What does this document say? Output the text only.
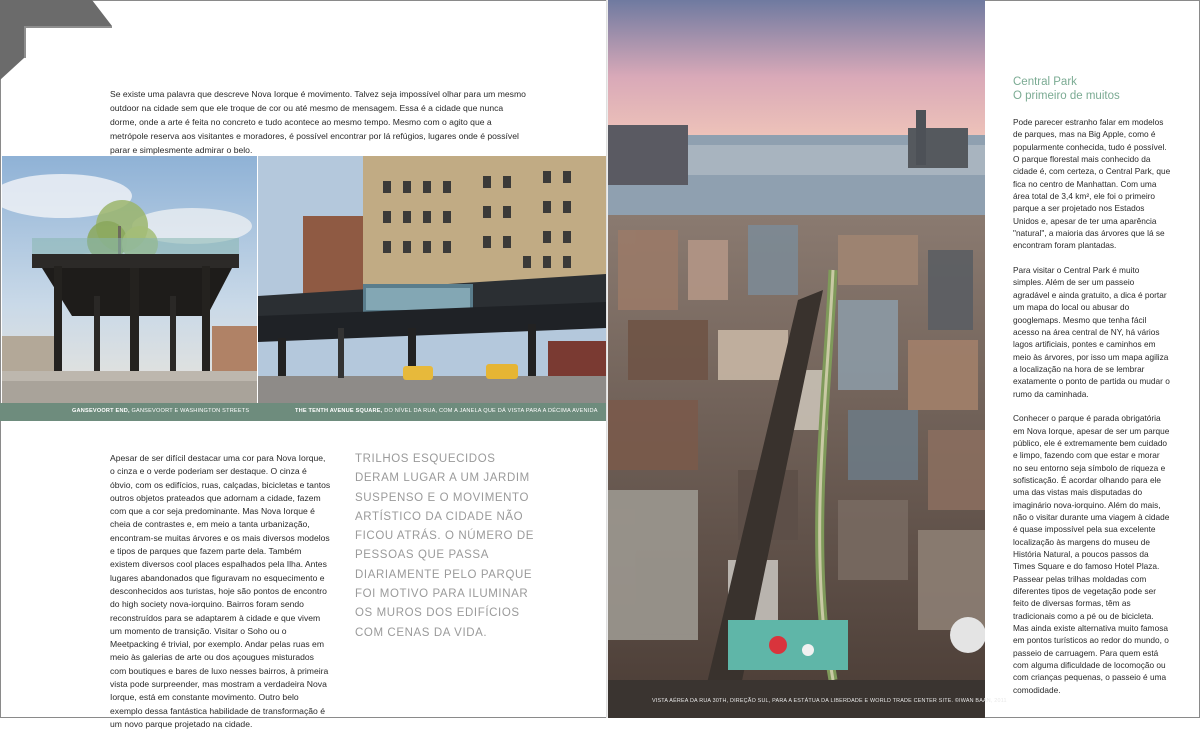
Se existe uma palavra que descreve Nova Iorque é movimento. Talvez seja impossível olhar para um mesmo outdoor na cidade sem que ele troque de cor ou até mesmo de mensagem. Essa é a cidade que nunca dorme, onde a arte é feita no concreto e tudo acontece ao mesmo tempo. Mesmo com o agito que a metrópole reserva aos visitantes e moradores, é possível encontrar por lá refúgios, lugares onde é possível parar e simplesmente admirar o belo.

GANSEVOORT END, GANSEVOORT E WASHINGTON STREETS	THE TENTH AVENUE SQUARE, DO NÍVEL DA RUA, COM A JANELA QUE DÁ VISTA PARA A DÉCIMA AVENIDA

Apesar de ser difícil destacar uma cor para Nova Iorque, o cinza e o verde poderiam ser destaque. O cinza é óbvio, com os edifícios, ruas, calçadas, bicicletas e tantos outros objetos prateados que adornam a cidade, fazem com que a cor seja predominante. Mas Nova Iorque é cheia de contrastes e, em meio a tanta urbanização, encontram-se muitas árvores e os mais diversos modelos e tipos de parques que fazem parte dela. Também existem diversos cool places espalhados pela Ilha. Antes lugares abandonados que figuravam no esquecimento e desconhecidos aos turistas, hoje são pontos de encontro do high society nova-iorquino. Bairros foram sendo reconstruídos para se adaptarem à cidade e que vivem um momento de transição. Visitar o Soho ou o Meetpacking é trivial, por exemplo. Andar pelas ruas em meio às galerias de arte ou dos açougues misturados com boutiques e bares de luxo nesses bairros, à primeira vista pode surpreender, mas mostram a verdadeira Nova Iorque, está em constante movimento. Outro belo exemplo dessa fantástica habilidade de transformação é um novo parque projetado na cidade.

TRILHOS ESQUECIDOS DERAM LUGAR A UM JARDIM SUSPENSO E O MOVIMENTO ARTÍSTICO DA CIDADE NÃO FICOU ATRÁS. O NÚMERO DE PESSOAS QUE PASSA DIARIAMENTE PELO PARQUE FOI MOTIVO PARA ILUMINAR OS MUROS DOS EDIFÍCIOS COM CENAS DA VIDA.

VISTA AÉREA DA RUA 30TH, DIREÇÃO SUL, PARA A ESTÁTUA DA LIBERDADE E WORLD TRADE CENTER SITE. ©IWAN BAAN, 2011
Central Park
O primeiro de muitos

Pode parecer estranho falar em modelos de parques, mas na Big Apple, como é popularmente conhecida, tudo é possível. O parque florestal mais conhecido da cidade é, com certeza, o Central Park, que fica no centro de Manhattan. Com uma área total de 3,4 km², ele foi o primeiro parque a ser projetado nos Estados Unidos e, apesar de ter uma aparência "natural", a maioria das árvores que lá se encontram foram plantadas.

Para visitar o Central Park é muito simples. Além de ser um passeio agradável e ainda gratuito, a dica é portar um mapa do local ou abusar do googlemaps. Mesmo que tenha fácil acesso na área central de NY, há vários lagos artificiais, pontes e caminhos em meio às árvores, por isso um mapa agiliza a localização na hora de se lembrar exatamente o ponto de partida ou mudar o rumo da caminhada.

Conhecer o parque é parada obrigatória em Nova Iorque, apesar de ser um parque público, ele é extremamente bem cuidado e limpo, fazendo com que estar e morar no seu entorno seja símbolo de riqueza e sofisticação. É acordar olhando para ele uma das vistas mais disputadas do imaginário nova-iorquino. Além do mais, não o visitar durante uma viagem à cidade é quase impossível pela sua excelente localização às margens do museu de História Natural, a poucos passos da Times Square e do famoso Hotel Plaza. Passear pelas trilhas moldadas com diferentes tipos de vegetação pode ser feito de diversas formas, têm as tradicionais como a pé ou de bicicleta. Mas ainda existe alternativa muito famosa em pontos turísticos ao redor do mundo, o passeio de carruagem. Para quem está com alguma dificuldade de locomoção ou com crianças pequenas, o passeio é uma comodidade.
